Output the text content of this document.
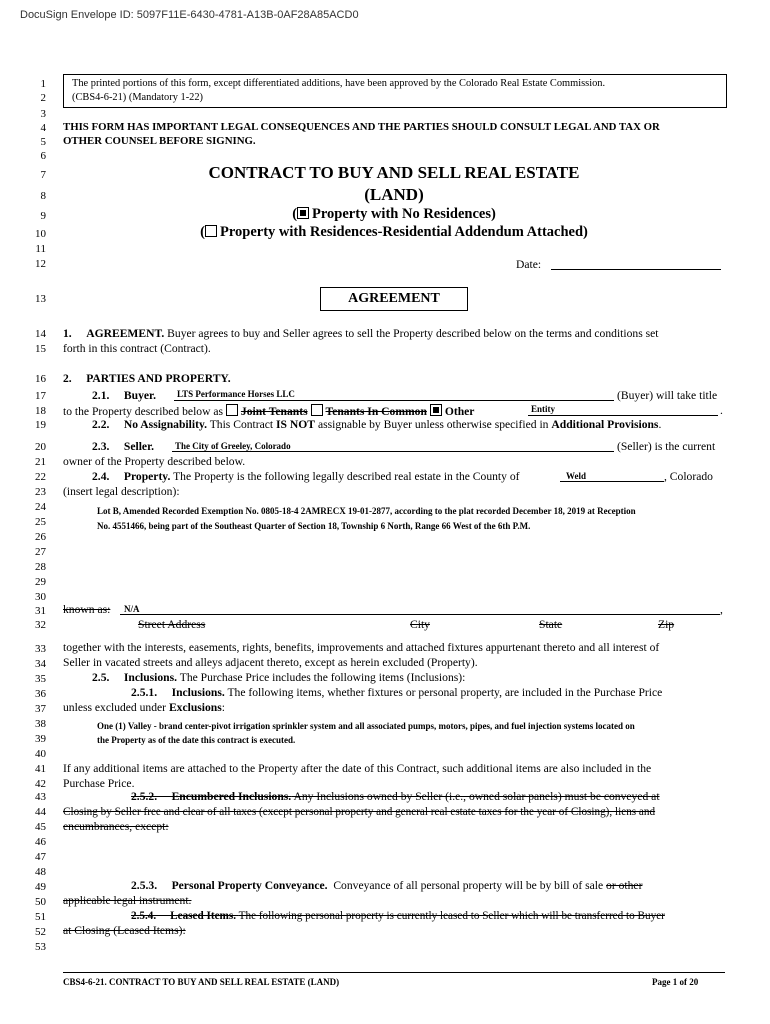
DocuSign Envelope ID: 5097F11E-6430-4781-A13B-0AF28A85ACD0
1
2
3
4
5
6
7
8
9
10
11
12
13
14
15
16
17
18
19
20
21
22
23
24
25
26
27
28
29
30
31
32
33
34
35
36
37
38
39
40
41
42
43
44
45
46
47
48
49
50
51
52
53
The printed portions of this form, except differentiated additions, have been approved by the Colorado Real Estate Commission.
(CBS4-6-21) (Mandatory 1-22)
THIS FORM HAS IMPORTANT LEGAL CONSEQUENCES AND THE PARTIES SHOULD CONSULT LEGAL AND TAX OR
OTHER COUNSEL BEFORE SIGNING.
CONTRACT TO BUY AND SELL REAL ESTATE
(LAND)
( Property with No Residences)
( Property with Residences-Residential Addendum Attached)
Date:
AGREEMENT
1. AGREEMENT. Buyer agrees to buy and Seller agrees to sell the Property described below on the terms and conditions set
forth in this contract (Contract).
2.     PARTIES AND PROPERTY.
2.1.     Buyer. LTS Performance Horses LLC	(Buyer) will take title
to the Property described below as Joint Tenants Tenants In Common Other	Entity	.
2.2.     No Assignability. This Contract IS NOT assignable by Buyer unless otherwise specified in Additional Provisions.
2.3.     Seller. The City of Greeley, Colorado	(Seller) is the current
owner of the Property described below.
2.4.     Property. The Property is the following legally described real estate in the County of	Weld	, Colorado
(insert legal description):
Lot B, Amended Recorded Exemption No. 0805-18-4 2AMRECX 19-01-2877, according to the plat recorded December 18, 2019 at Reception
No. 4551466, being part of the Southeast Quarter of Section 18, Township 6 North, Range 66 West of the 6th P.M.
known as: N/A	,
Street Address	City	State	Zip
together with the interests, easements, rights, benefits, improvements and attached fixtures appurtenant thereto and all interest of
Seller in vacated streets and alleys adjacent thereto, except as herein excluded (Property).
2.5.     Inclusions. The Purchase Price includes the following items (Inclusions):
2.5.1.     Inclusions. The following items, whether fixtures or personal property, are included in the Purchase Price
unless excluded under Exclusions:
One (1) Valley - brand center-pivot irrigation sprinkler system and all associated pumps, motors, pipes, and fuel injection systems located on
the Property as of the date this contract is executed.
If any additional items are attached to the Property after the date of this Contract, such additional items are also included in the
Purchase Price.
2.5.2.     Encumbered Inclusions. Any Inclusions owned by Seller (i.e., owned solar panels) must be conveyed at
Closing by Seller free and clear of all taxes (except personal property and general real estate taxes for the year of Closing), liens and
encumbrances, except:
2.5.3.     Personal Property Conveyance. Conveyance of all personal property will be by bill of sale or other
applicable legal instrument.
2.5.4.     Leased Items. The following personal property is currently leased to Seller which will be transferred to Buyer
at Closing (Leased Items):
CBS4-6-21. CONTRACT TO BUY AND SELL REAL ESTATE (LAND)	Page 1 of 20
